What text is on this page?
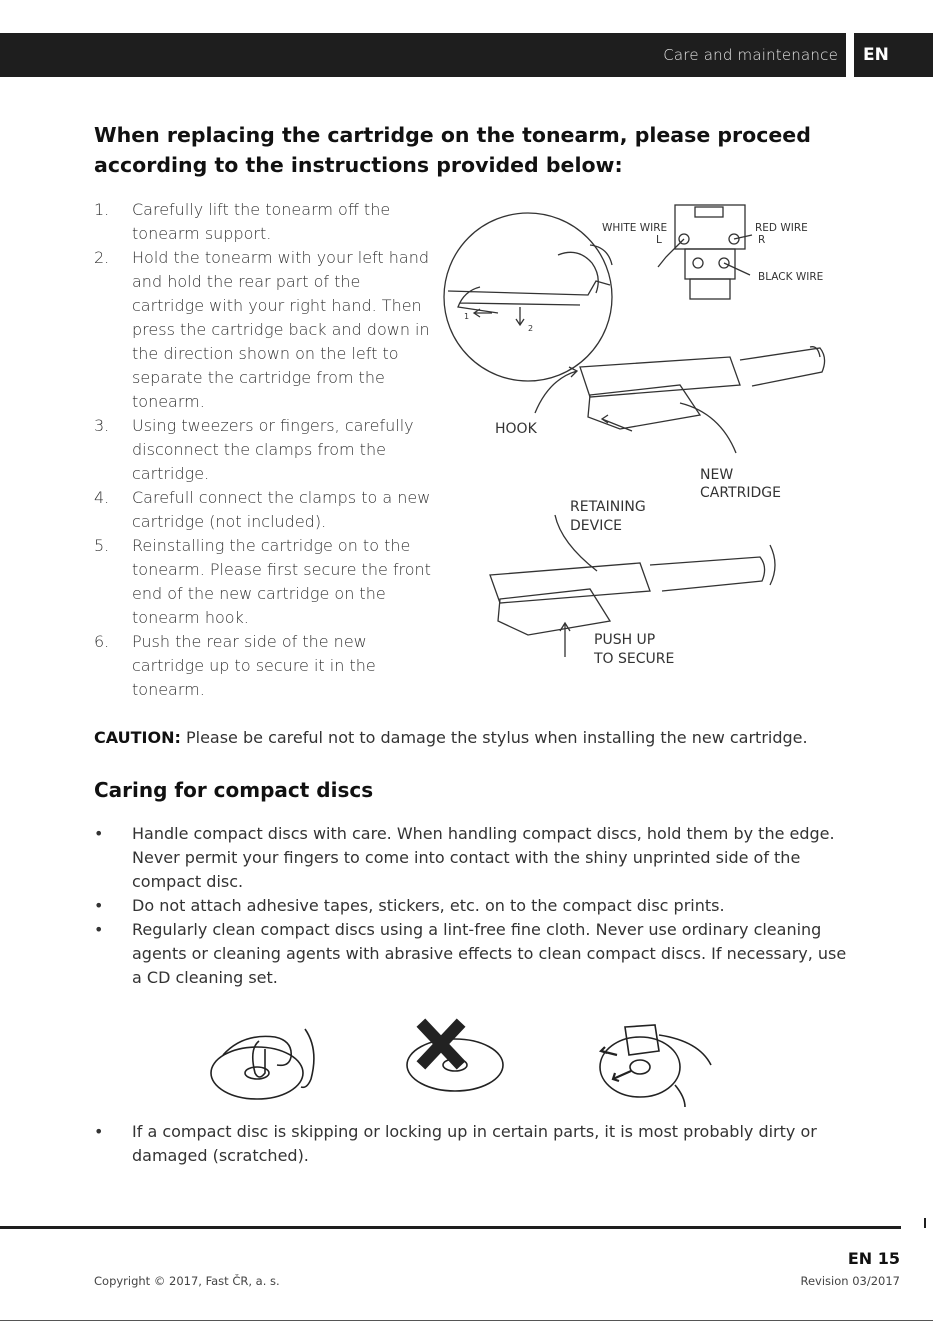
Care and maintenance EN
When replacing the cartridge on the tonearm, please proceed according to the instructions provided below:
1. Carefully lift the tonearm off the tonearm support.
2. Hold the tonearm with your left hand and hold the rear part of the cartridge with your right hand. Then press the cartridge back and down in the direction shown on the left to separate the cartridge from the tonearm.
3. Using tweezers or fingers, carefully disconnect the clamps from the cartridge.
4. Carefull connect the clamps to a new cartridge (not included).
5. Reinstalling the cartridge on to the tonearm. Please first secure the front end of the new cartridge on the tonearm hook.
6. Push the rear side of the new cartridge up to secure it in the tonearm.
WHITE WIRE	RED WIRE
BLACK WIRE
L	R
1
2
HOOK
NEW
CARTRIDGE
RETAINING
DEVICE
PUSH UP
TO SECURE
CAUTION: Please be careful not to damage the stylus when installing the new cartridge.
Caring for compact discs
• Handle compact discs with care. When handling compact discs, hold them by the edge. Never permit your fingers to come into contact with the shiny unprinted side of the compact disc.
• Do not attach adhesive tapes, stickers, etc. on to the compact disc prints.
• Regularly clean compact discs using a lint-free fine cloth. Never use ordinary cleaning agents or cleaning agents with abrasive effects to clean compact discs. If necessary, use a CD cleaning set.
• If a compact disc is skipping or locking up in certain parts, it is most probably dirty or damaged (scratched).
EN 15
Copyright © 2017, Fast ČR, a. s.	Revision 03/2017
